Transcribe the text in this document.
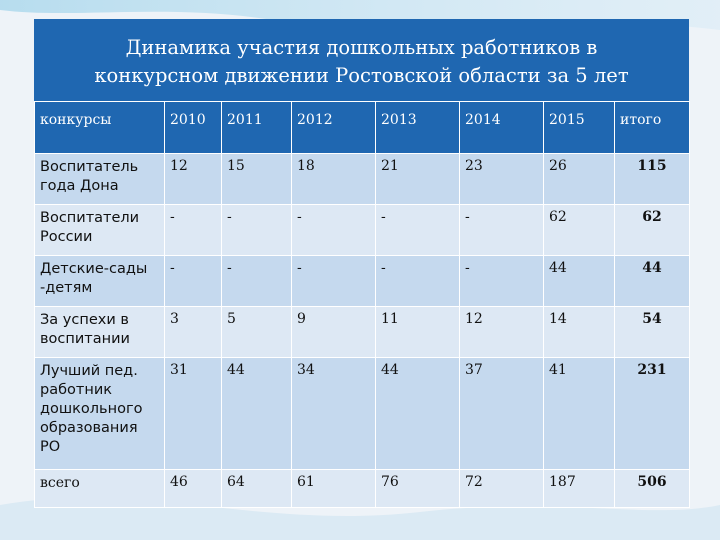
Динамика участия дошкольных работников в
конкурсном движении Ростовской области за 5 лет
конкурсы	2010	2011	2012	2013	2014	2015	итого
Воспитатель года Дона	12	15	18	21	23	26	115
Воспитатели России	-	-	-	-	-	62	62
Детские-сады -детям	-	-	-	-	-	44	44
За успехи в воспитании	3	5	9	11	12	14	54
Лучший пед. работник дошкольного образования РО	31	44	34	44	37	41	231
всего	46	64	61	76	72	187	506
